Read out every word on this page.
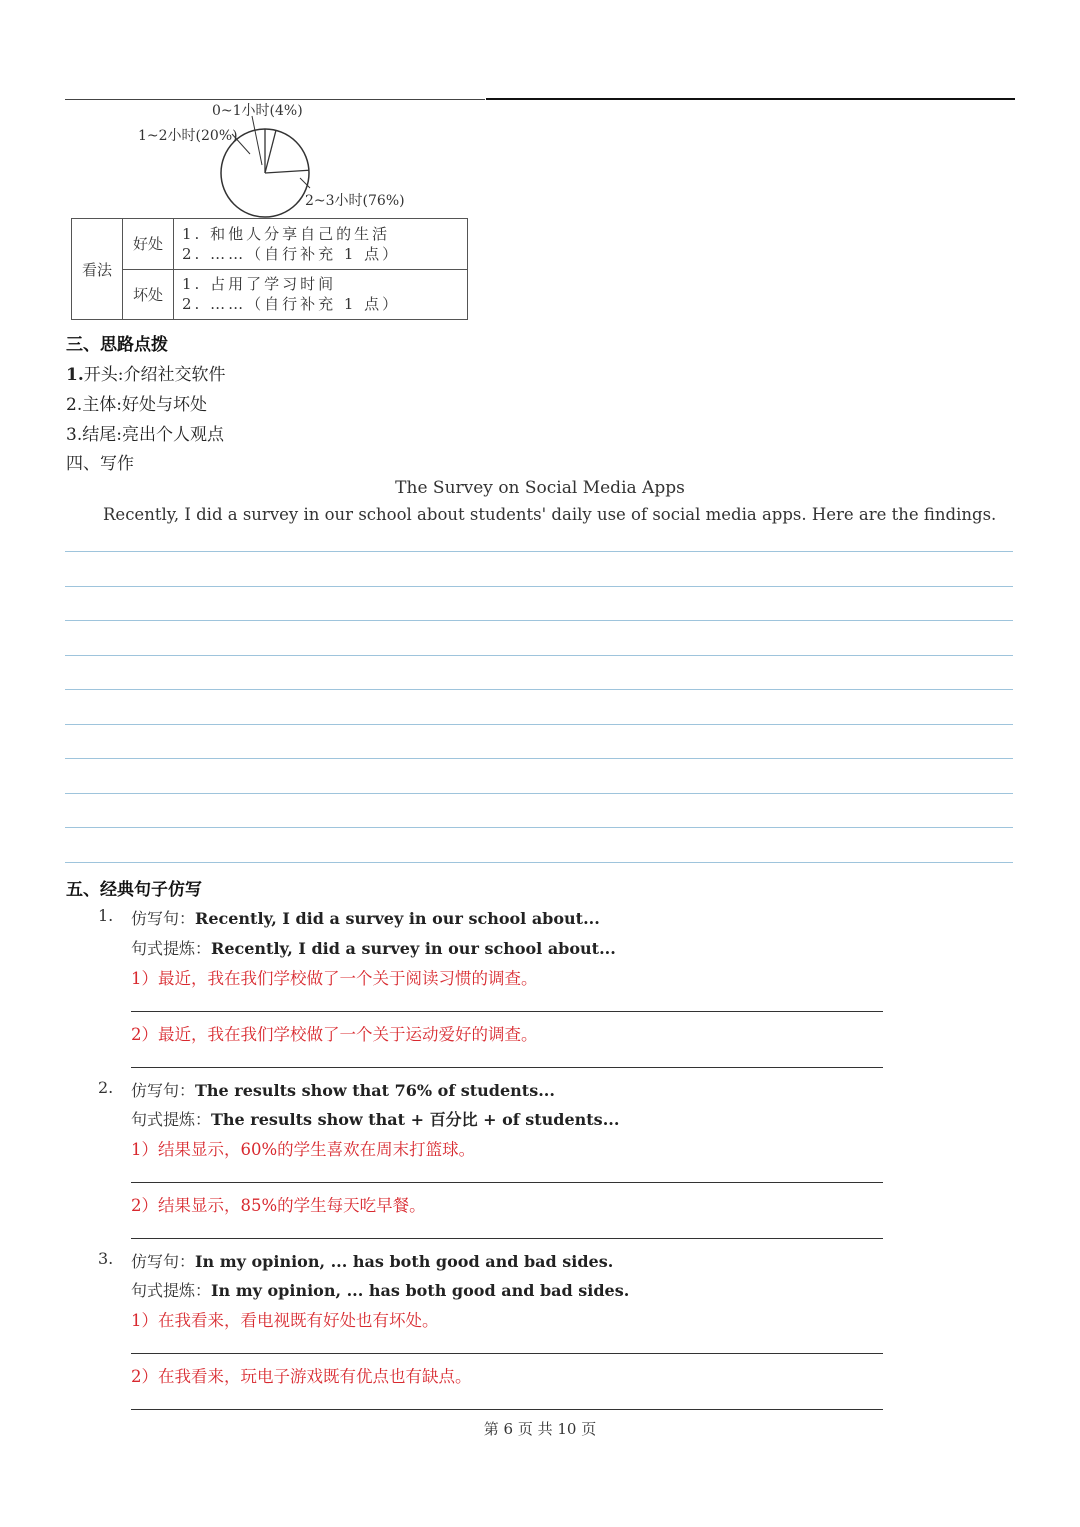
0~1小时(4%)
1~2小时(20%)
2~3小时(76%)
看法	好处	1. 和他人分享自己的生活
2. ……（自行补充 1 点）

	坏处	1. 占用了学习时间
2. ……（自行补充 1 点）
三、思路点拨
1.开头:介绍社交软件
2.主体:好处与坏处
3.结尾:亮出个人观点
四、写作
The Survey on Social Media Apps
Recently, I did a survey in our school about students' daily use of social media apps. Here are the findings.
五、经典句子仿写
1. 仿写句：Recently, I did a survey in our school about...
句式提炼：Recently, I did a survey in our school about...
1）最近，我在我们学校做了一个关于阅读习惯的调查。
2）最近，我在我们学校做了一个关于运动爱好的调查。
2. 仿写句：The results show that 76% of students...
句式提炼：The results show that + 百分比 + of students...
1）结果显示，60%的学生喜欢在周末打篮球。
2）结果显示，85%的学生每天吃早餐。
3. 仿写句：In my opinion, ... has both good and bad sides.
句式提炼：In my opinion, ... has both good and bad sides.
1）在我看来，看电视既有好处也有坏处。
2）在我看来，玩电子游戏既有优点也有缺点。
第 6 页 共 10 页
